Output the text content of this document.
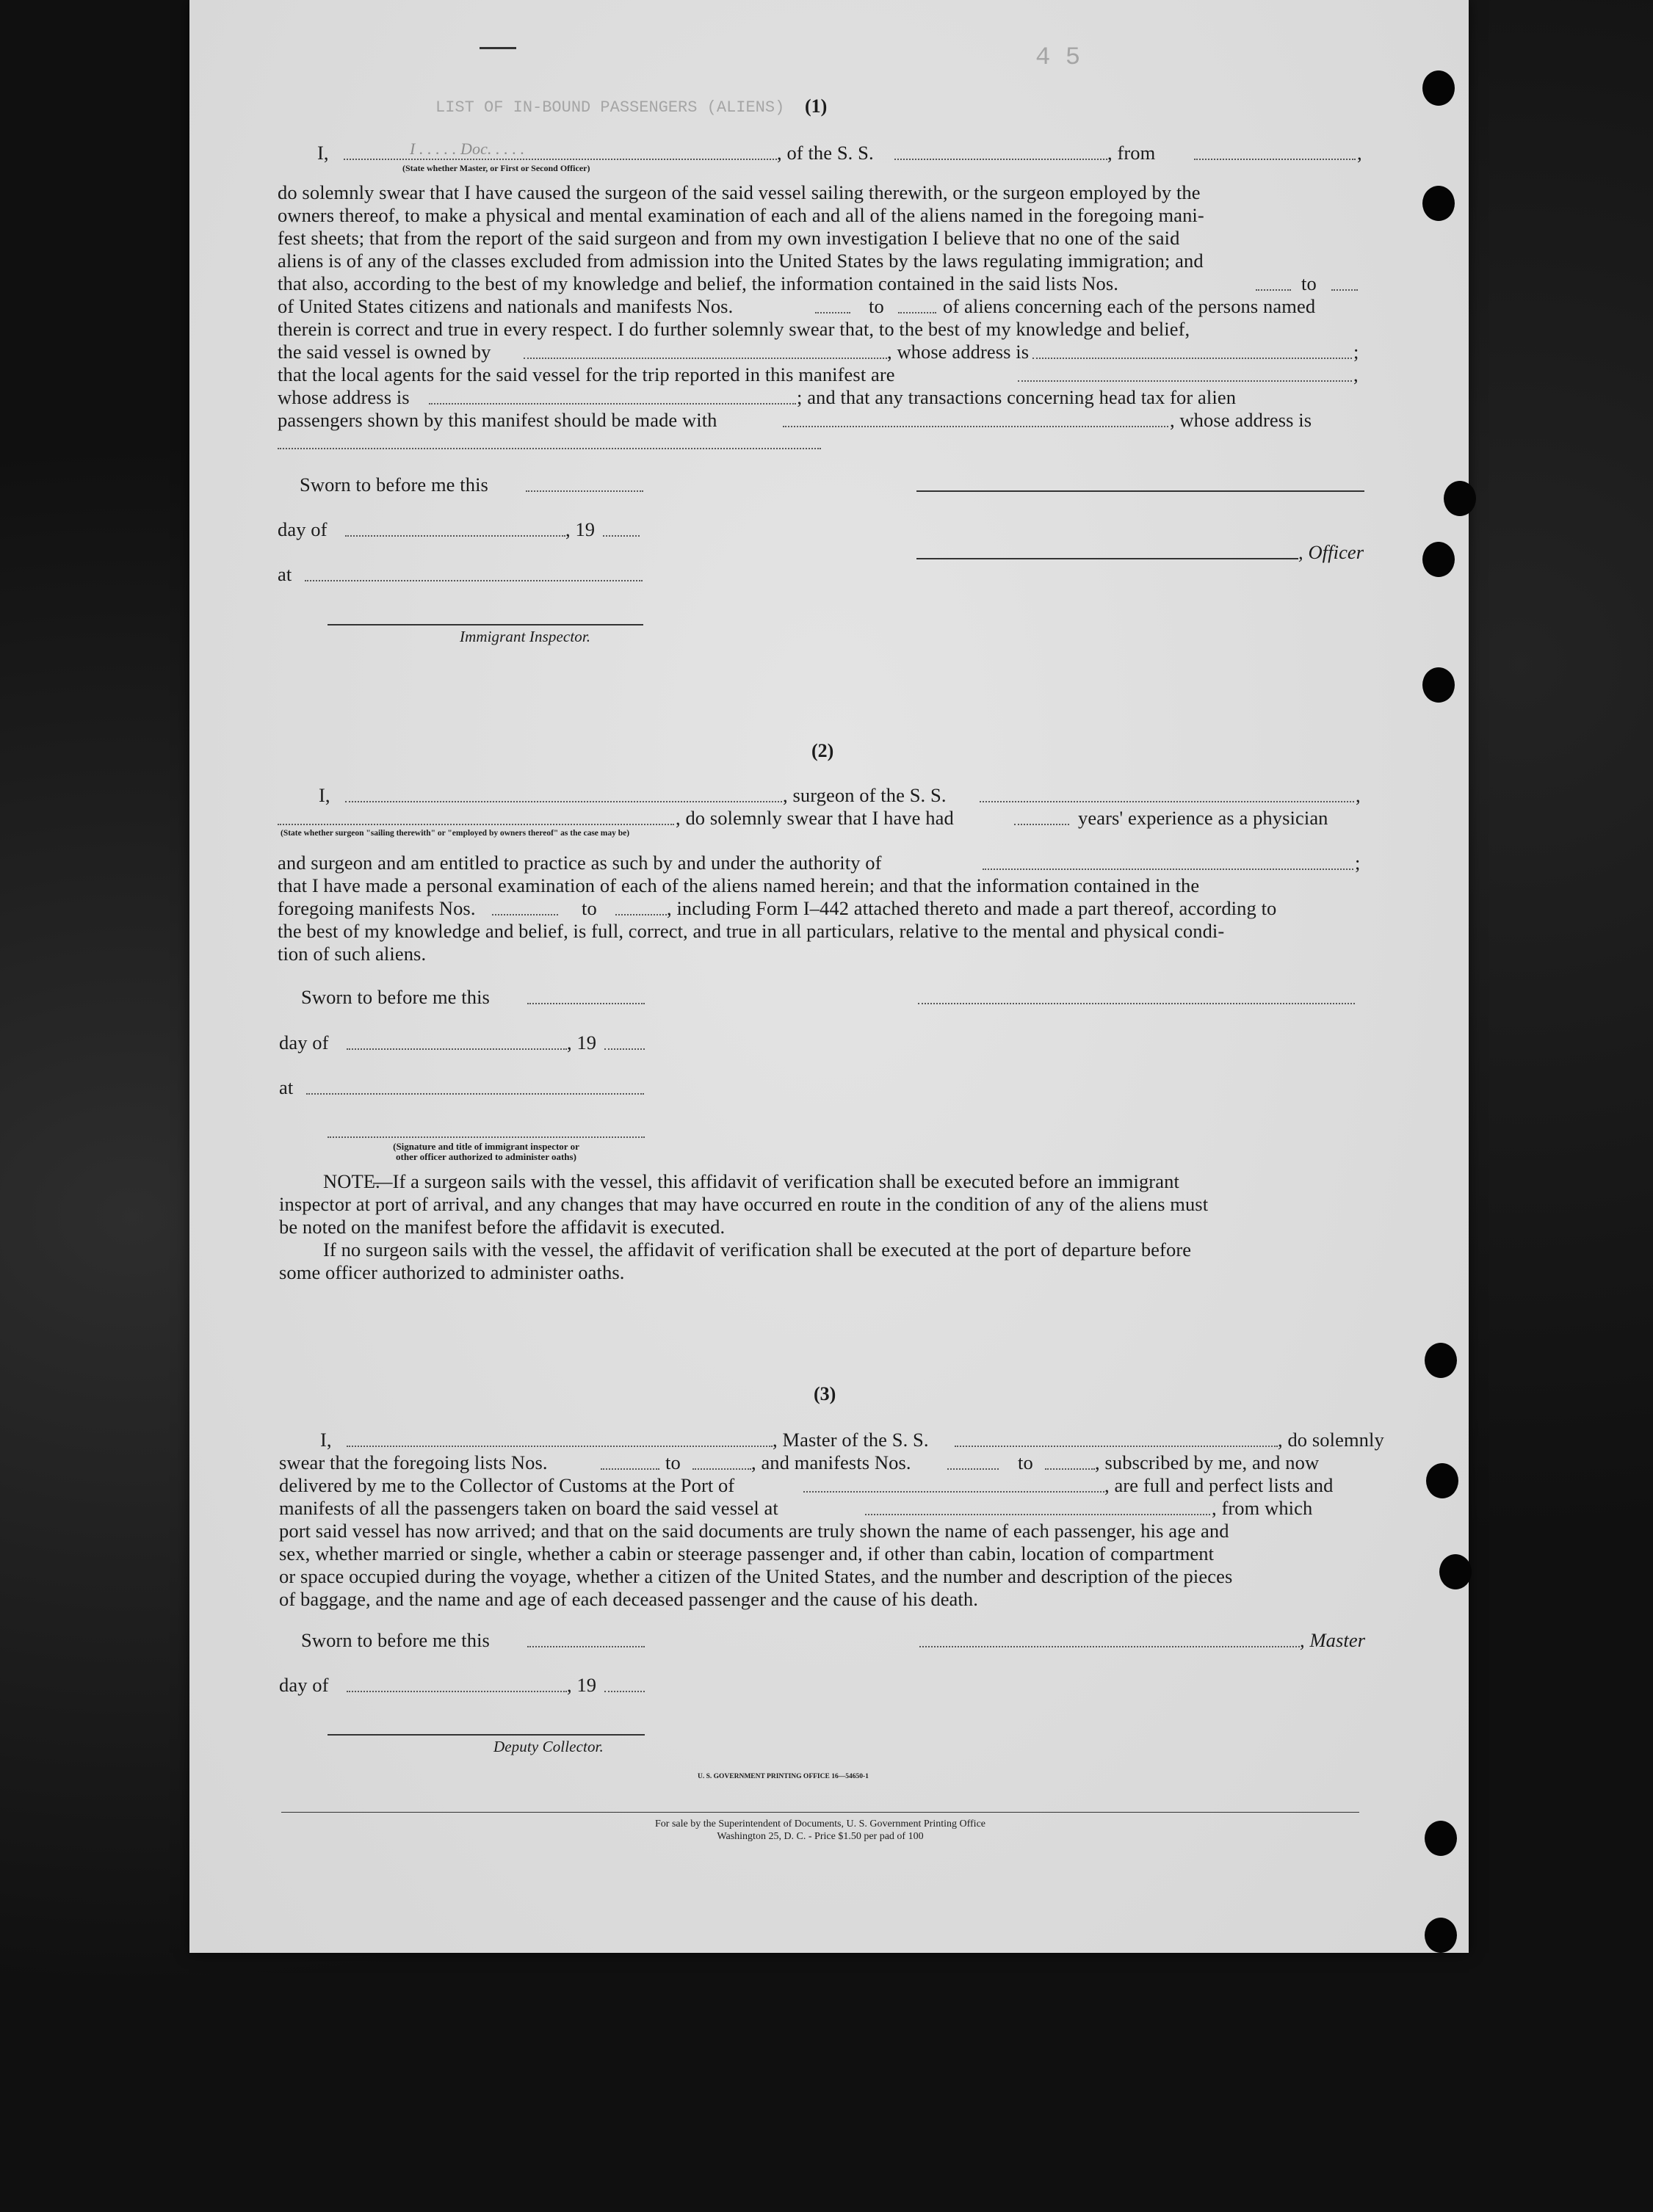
LIST OF IN-BOUND PASSENGERS (ALIENS)
4 5
(1)
I,	I . . . . . Doc. . . . .	, of the S. S.	, from	,
(State whether Master, or First or Second Officer)
do solemnly swear that I have caused the surgeon of the said vessel sailing therewith, or the surgeon employed by the
owners thereof, to make a physical and mental examination of each and all of the aliens named in the foregoing mani-
fest sheets; that from the report of the said surgeon and from my own investigation I believe that no one of the said
aliens is of any of the classes excluded from admission into the United States by the laws regulating immigration; and
that also, according to the best of my knowledge and belief, the information contained in the said lists Nos.	to
of United States citizens and nationals and manifests Nos.	to	of aliens concerning each of the persons named
therein is correct and true in every respect. I do further solemnly swear that, to the best of my knowledge and belief,
the said vessel is owned by	, whose address is	;
that the local agents for the said vessel for the trip reported in this manifest are	,
whose address is	; and that any transactions concerning head tax for alien
passengers shown by this manifest should be made with	, whose address is
Sworn to before me this
day of	, 19
, Officer
at
Immigrant Inspector.
(2)
I,	, surgeon of the S. S.	,
, do solemnly swear that I have had	years' experience as a physician
(State whether surgeon "sailing therewith" or "employed by owners thereof" as the case may be)
and surgeon and am entitled to practice as such by and under the authority of	;
that I have made a personal examination of each of the aliens named herein; and that the information contained in the
foregoing manifests Nos.	to	, including Form I–442 attached thereto and made a part thereof, according to
the best of my knowledge and belief, is full, correct, and true in all particulars, relative to the mental and physical condi-
tion of such aliens.
Sworn to before me this
day of	, 19
at
(Signature and title of immigrant inspector or
other officer authorized to administer oaths)
NOTE.
—If a surgeon sails with the vessel, this affidavit of verification shall be executed before an immigrant
inspector at port of arrival, and any changes that may have occurred en route in the condition of any of the aliens must
be noted on the manifest before the affidavit is executed.
If no surgeon sails with the vessel, the affidavit of verification shall be executed at the port of departure before
some officer authorized to administer oaths.
(3)
I,	, Master of the S. S.	, do solemnly
swear that the foregoing lists Nos.	to	, and manifests Nos.	to	, subscribed by me, and now
delivered by me to the Collector of Customs at the Port of	, are full and perfect lists and
manifests of all the passengers taken on board the said vessel at	, from which
port said vessel has now arrived; and that on the said documents are truly shown the name of each passenger, his age and
sex, whether married or single, whether a cabin or steerage passenger and, if other than cabin, location of compartment
or space occupied during the voyage, whether a citizen of the United States, and the number and description of the pieces
of baggage, and the name and age of each deceased passenger and the cause of his death.
Sworn to before me this	, Master
day of	, 19
Deputy Collector.
U. S. GOVERNMENT PRINTING OFFICE 16—54650-1
For sale by the Superintendent of Documents, U. S. Government Printing Office
Washington 25, D. C. - Price $1.50 per pad of 100
